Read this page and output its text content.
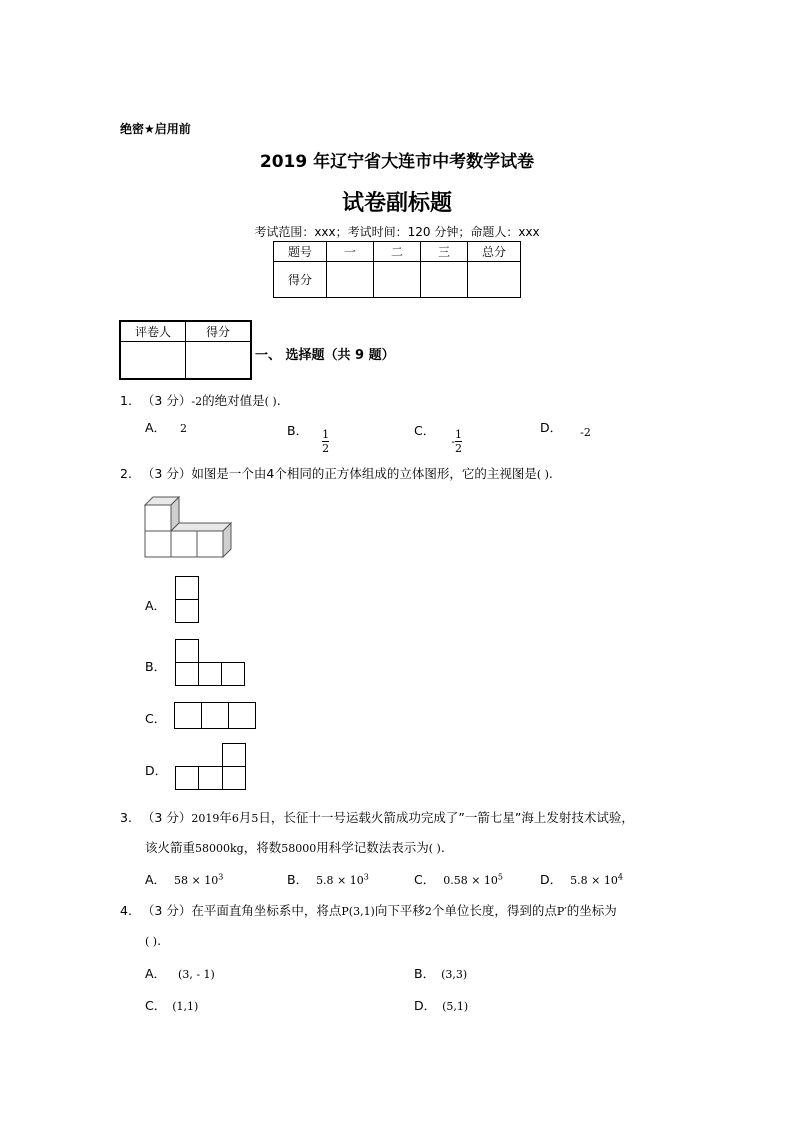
绝密★启用前
2019 年辽宁省大连市中考数学试卷
试卷副标题
考试范围：xxx；考试时间：120 分钟；命题人：xxx
题号	一	二	三	总分
得分				
评卷人	得分

一、 选择题（共 9 题）
1. （3 分）-2的绝对值是( ).
A． 2	B． $\frac{1}{2}$	C． - $\frac{1}{2}$
D． -2
2. （3 分）如图是一个由4个相同的正方体组成的立体图形，它的主视图是( ).
A．
B．
C．
D．
3. （3 分）2019年6月5日，长征十一号运载火箭成功完成了”一箭七星”海上发射技术试验，
该火箭重58000kg，将数58000用科学记数法表示为( ).
A． $58 \times 10^3$	B． $5.8 \times 10^3$	C． $0.58 \times 10^5$	D． $5.8 \times 10^4$
4. （3 分）在平面直角坐标系中，将点P(3,1)向下平移2个单位长度，得到的点P′的坐标为
( ).
A． (3, - 1)	B． (3,3)
C． (1,1)	D． (5,1)
